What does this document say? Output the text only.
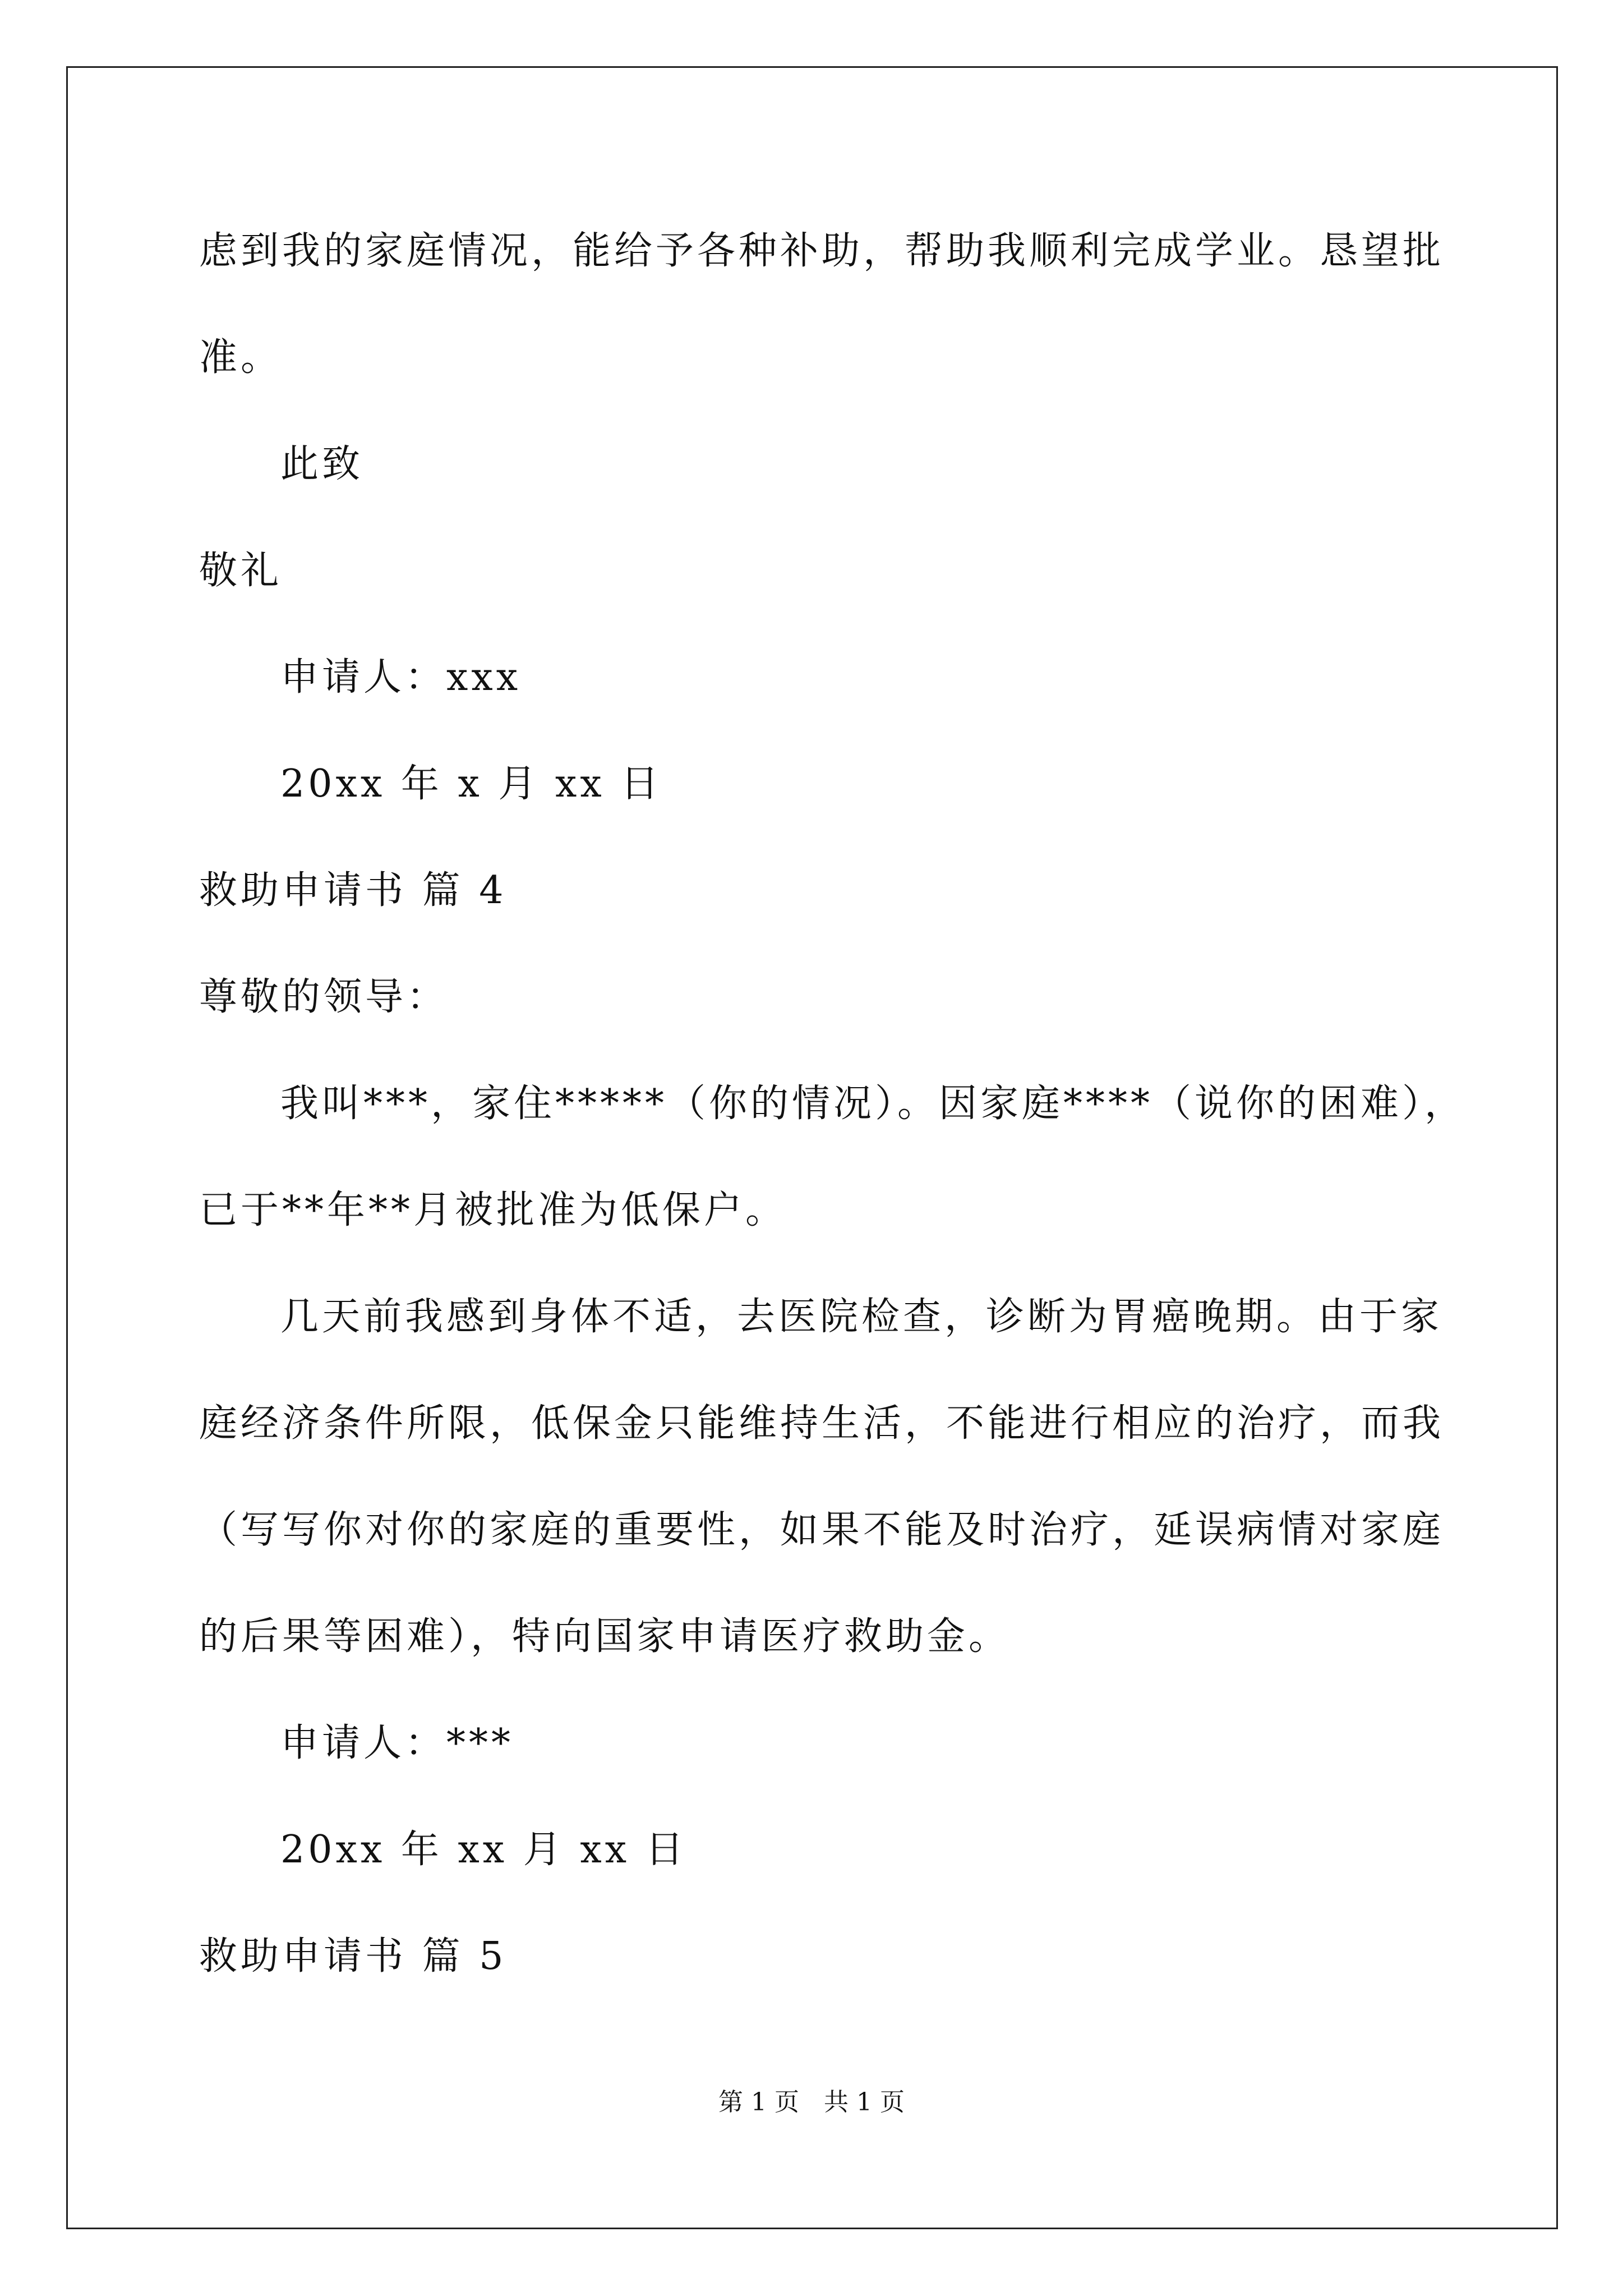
虑到我的家庭情况，能给予各种补助，帮助我顺利完成学业。恳望批
准。
此致
敬礼
申请人：xxx
20xx 年 x 月 xx 日
救助申请书 篇 4
尊敬的领导：
我叫***，家住*****（你的情况）。因家庭****（说你的困难），
已于**年**月被批准为低保户。
几天前我感到身体不适，去医院检查，诊断为胃癌晚期。由于家
庭经济条件所限，低保金只能维持生活，不能进行相应的治疗，而我
（写写你对你的家庭的重要性，如果不能及时治疗，延误病情对家庭
的后果等困难），特向国家申请医疗救助金。
申请人：***
20xx 年 xx 月 xx 日
救助申请书 篇 5
第 1 页　共 1 页
